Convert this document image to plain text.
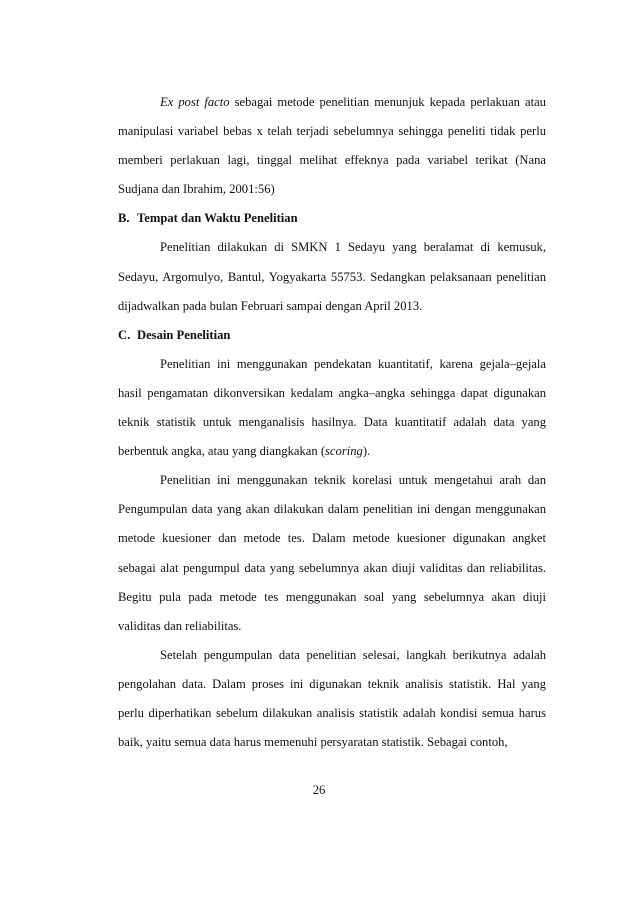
Ex post facto sebagai metode penelitian menunjuk kepada perlakuan atau manipulasi variabel bebas x telah terjadi sebelumnya sehingga peneliti tidak perlu memberi perlakuan lagi, tinggal melihat effeknya pada variabel terikat (Nana Sudjana dan Ibrahim, 2001:56)

B. Tempat dan Waktu Penelitian

Penelitian dilakukan di SMKN 1 Sedayu yang beralamat di kemusuk, Sedayu, Argomulyo, Bantul, Yogyakarta 55753. Sedangkan pelaksanaan penelitian dijadwalkan pada bulan Februari sampai dengan April 2013.

C. Desain Penelitian

Penelitian ini menggunakan pendekatan kuantitatif, karena gejala–gejala hasil pengamatan dikonversikan kedalam angka–angka sehingga dapat digunakan teknik statistik untuk menganalisis hasilnya. Data kuantitatif adalah data yang berbentuk angka, atau yang diangkakan (scoring).

Penelitian ini menggunakan teknik korelasi untuk mengetahui arah dan Pengumpulan data yang akan dilakukan dalam penelitian ini dengan menggunakan metode kuesioner dan metode tes. Dalam metode kuesioner digunakan angket sebagai alat pengumpul data yang sebelumnya akan diuji validitas dan reliabilitas. Begitu pula pada metode tes menggunakan soal yang sebelumnya akan diuji validitas dan reliabilitas.

Setelah pengumpulan data penelitian selesai, langkah berikutnya adalah pengolahan data. Dalam proses ini digunakan teknik analisis statistik. Hal yang perlu diperhatikan sebelum dilakukan analisis statistik adalah kondisi semua harus baik, yaitu semua data harus memenuhi persyaratan statistik. Sebagai contoh,

26
